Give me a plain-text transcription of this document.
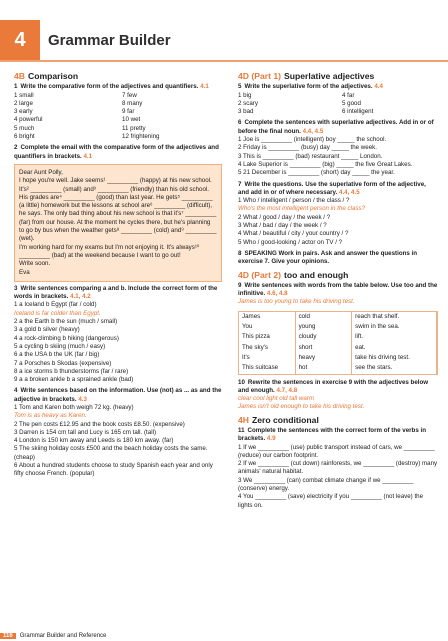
4	Grammar Builder
4B Comparison
1 Write the comparative form of the adjectives and quantifiers. 4.1
1 small	7 few
2 large	8 many
3 early	9 far
4 powerful	10 wet
5 much	11 pretty
6 bright	12 frightening
2 Complete the email with the comparative form of the adjectives and quantifiers in brackets. 4.1
Dear Aunt Polly,
I hope you're well. Jake seems¹ _________ (happy) at his new school. It's² _________ (small) and³ _________ (friendly) than his old school. His grades are⁴ _________ (good) than last year. He gets⁵ _________ (a little) homework but the lessons at school are⁶ _________ (difficult), he says. The only bad thing about his new school is that it's⁷ _________ (far) from our house. At the moment he cycles there, but he's planning to go by bus when the weather gets⁸ _________ (cold) and⁹ _________ (wet).
I'm working hard for my exams but I'm not enjoying it. It's always¹⁰ _________ (bad) at the weekend because I want to go out!
Write soon.
Eva
3 Write sentences comparing a and b. Include the correct form of the words in brackets. 4.1, 4.2
1 a Iceland b Egypt (far / cold)
Iceland is far colder than Egypt.
2 a the Earth b the sun (much / small)
3 a gold b silver (heavy)
4 a rock-climbing b hiking (dangerous)
5 a cycling b skiing (much / easy)
6 a the USA b the UK (far / big)
7 a Porsches b Skodas (expensive)
8 a ice storms b thunderstorms (far / rare)
9 a a broken ankle b a sprained ankle (bad)
4 Write sentences based on the information. Use (not) as ... as and the adjective in brackets. 4.3
1 Tom and Karen both weigh 72 kg. (heavy)
Tom is as heavy as Karen.
2 The pen costs £12.95 and the book costs £8.50. (expensive)
3 Darren is 154 cm tall and Lucy is 165 cm tall. (tall)
4 London is 150 km away and Leeds is 180 km away. (far)
5 The skiing holiday costs £500 and the beach holiday costs the same. (cheap)
6 About a hundred students choose to study Spanish each year and only fifty choose French. (popular)
4D (Part 1) Superlative adjectives
5 Write the superlative form of the adjectives. 4.4
1 big	4 far
2 scary	5 good
3 bad	6 intelligent
6 Complete the sentences with superlative adjectives. Add in or of before the final noun. 4.4, 4.5
1 Joe is _________ (intelligent) boy _____ the school.
2 Friday is _________ (busy) day _____ the week.
3 This is _________ (bad) restaurant _____ London.
4 Lake Superior is _________ (big) _____ the five Great Lakes.
5 21 December is _________ (short) day _____ the year.
7 Write the questions. Use the superlative form of the adjective, and add in or of where necessary. 4.4, 4.5
1 Who / intelligent / person / the class / ?
Who's the most intelligent person in the class?
2 What / good / day / the week / ?
3 What / bad / day / the week / ?
4 What / beautiful / city / your country / ?
5 Who / good-looking / actor on TV / ?
8 SPEAKING Work in pairs. Ask and answer the questions in exercise 7. Give your opinions.
4D (Part 2) too and enough
9 Write sentences with words from the table below. Use too and the infinitive. 4.6, 4.8
James is too young to take his driving test.
James	cold	reach that shelf.
You	young	swim in the sea.
This pizza	cloudy	lift.
The sky's	short	eat.
It's	heavy	take his driving test.
This suitcase	hot	see the stars.
10 Rewrite the sentences in exercise 9 with the adjectives below and enough. 4.7, 4.8
clear cool light old tall warm
James isn't old enough to take his driving test.
4H Zero conditional
11 Complete the sentences with the correct form of the verbs in brackets. 4.9
1 If we _________ (use) public transport instead of cars, we _________ (reduce) our carbon footprint.
2 If we _________ (cut down) rainforests, we _________ (destroy) many animals' natural habitat.
3 We _________ (can) combat climate change if we _________ (conserve) energy.
4 You _________ (save) electricity if you _________ (not leave) the lights on.
116 Grammar Builder and Reference
